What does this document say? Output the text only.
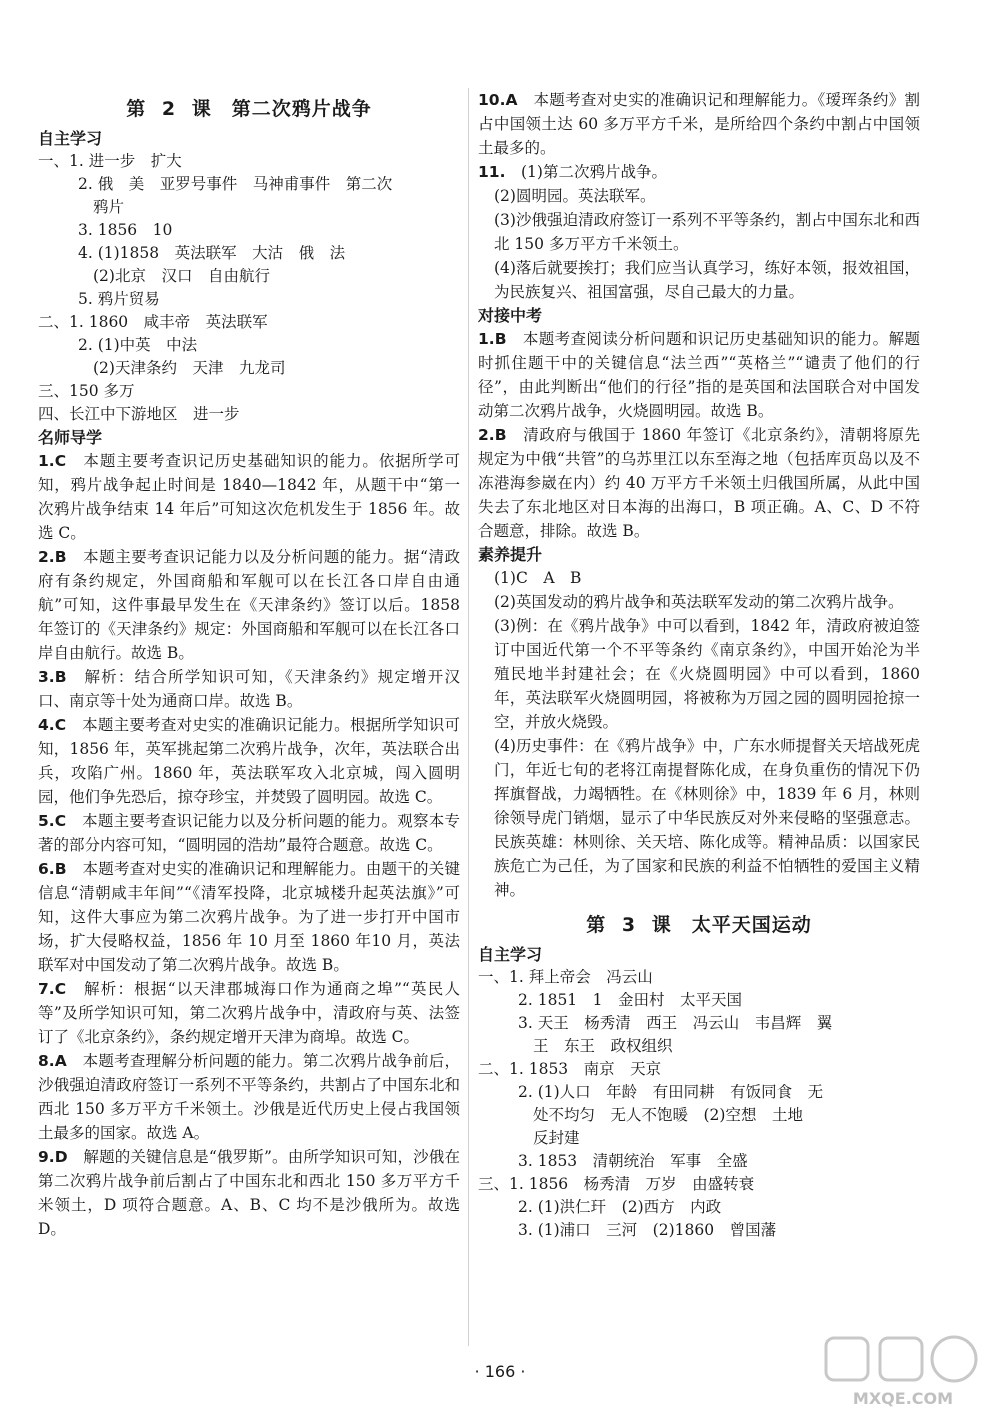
第 2 课　第二次鸦片战争
自主学习
一、1. 进一步　扩大
2. 俄　美　亚罗号事件　马神甫事件　第二次
鸦片
3. 1856　10
4. (1)1858　英法联军　大沽　俄　法
(2)北京　汉口　自由航行
5. 鸦片贸易
二、1. 1860　咸丰帝　英法联军
2. (1)中英　中法
(2)天津条约　天津　九龙司
三、150 多万
四、长江中下游地区　进一步
名师导学
1.C　 本题主要考查识记历史基础知识的能力。依据所学可知，鸦片战争起止时间是 1840—1842 年，从题干中“第一次鸦片战争结束 14 年后”可知这次危机发生于 1856 年。故选 C。
2.B　 本题主要考查识记能力以及分析问题的能力。据“清政府有条约规定，外国商船和军舰可以在长江各口岸自由通航”可知，这件事最早发生在《天津条约》签订以后。1858 年签订的《天津条约》规定：外国商船和军舰可以在长江各口岸自由航行。故选 B。
3.B　 解析：结合所学知识可知，《天津条约》规定增开汉口、南京等十处为通商口岸。故选 B。
4.C　 本题主要考查对史实的准确识记能力。根据所学知识可知，1856 年，英军挑起第二次鸦片战争，次年，英法联合出兵，攻陷广州。1860 年，英法联军攻入北京城，闯入圆明园，他们争先恐后，掠夺珍宝，并焚毁了圆明园。故选 C。
5.C　 本题主要考查识记能力以及分析问题的能力。观察本专著的部分内容可知，“圆明园的浩劫”最符合题意。故选 C。
6.B　 本题考查对史实的准确识记和理解能力。由题干的关键信息“清朝咸丰年间”“《清军投降，北京城楼升起英法旗》”可知，这件大事应为第二次鸦片战争。为了进一步打开中国市场，扩大侵略权益，1856 年 10 月至 1860 年10 月，英法联军对中国发动了第二次鸦片战争。故选 B。
7.C　 解析：根据“以天津郡城海口作为通商之埠”“英民人等”及所学知识可知，第二次鸦片战争中，清政府与英、法签订了《北京条约》，条约规定增开天津为商埠。故选 C。
8.A　 本题考查理解分析问题的能力。第二次鸦片战争前后，沙俄强迫清政府签订一系列不平等条约，共割占了中国东北和西北 150 多万平方千米领土。沙俄是近代历史上侵占我国领土最多的国家。故选 A。
9.D　 解题的关键信息是“俄罗斯”。由所学知识可知，沙俄在第二次鸦片战争前后割占了中国东北和西北 150 多万平方千米领土，D 项符合题意。A、B、C 均不是沙俄所为。故选 D。
10.A　 本题考查对史实的准确识记和理解能力。《瑷珲条约》割占中国领土达 60 多万平方千米，是所给四个条约中割占中国领土最多的。
11.　 (1)第二次鸦片战争。
(2)圆明园。英法联军。
(3)沙俄强迫清政府签订一系列不平等条约，割占中国东北和西北 150 多万平方千米领土。
(4)落后就要挨打；我们应当认真学习，练好本领，报效祖国，为民族复兴、祖国富强，尽自己最大的力量。
对接中考
1.B　 本题考查阅读分析问题和识记历史基础知识的能力。解题时抓住题干中的关键信息“法兰西”“英格兰”“谴责了他们的行径”，由此判断出“他们的行径”指的是英国和法国联合对中国发动第二次鸦片战争，火烧圆明园。故选 B。
2.B　 清政府与俄国于 1860 年签订《北京条约》，清朝将原先规定为中俄“共管”的乌苏里江以东至海之地（包括库页岛以及不冻港海参崴在内）约 40 万平方千米领土归俄国所属，从此中国失去了东北地区对日本海的出海口，B 项正确。A、C、D 不符合题意，排除。故选 B。
素养提升
(1)C　A　B
(2)英国发动的鸦片战争和英法联军发动的第二次鸦片战争。
(3)例：在《鸦片战争》中可以看到，1842 年，清政府被迫签订中国近代第一个不平等条约《南京条约》，中国开始沦为半殖民地半封建社会；在《火烧圆明园》中可以看到，1860 年，英法联军火烧圆明园，将被称为万园之园的圆明园抢掠一空，并放火烧毁。
(4)历史事件：在《鸦片战争》中，广东水师提督关天培战死虎门，年近七旬的老将江南提督陈化成，在身负重伤的情况下仍挥旗督战，力竭牺牲。在《林则徐》中，1839 年 6 月，林则徐领导虎门销烟，显示了中华民族反对外来侵略的坚强意志。民族英雄：林则徐、关天培、陈化成等。精神品质：以国家民族危亡为己任，为了国家和民族的利益不怕牺牲的爱国主义精神。
第 3 课　太平天国运动
自主学习
一、1. 拜上帝会　冯云山
2. 1851　1　金田村　太平天国
3. 天王　杨秀清　西王　冯云山　韦昌辉　翼
王　东王　政权组织
二、1. 1853　南京　天京
2. (1)人口　年龄　有田同耕　有饭同食　无
处不均匀　无人不饱暖　(2)空想　土地
反封建
3. 1853　清朝统治　军事　全盛
三、1. 1856　杨秀清　万岁　由盛转衰
2. (1)洪仁玕　(2)西方　内政
3. (1)浦口　三河　(2)1860　曾国藩
· 166 ·
MXQE.COM
